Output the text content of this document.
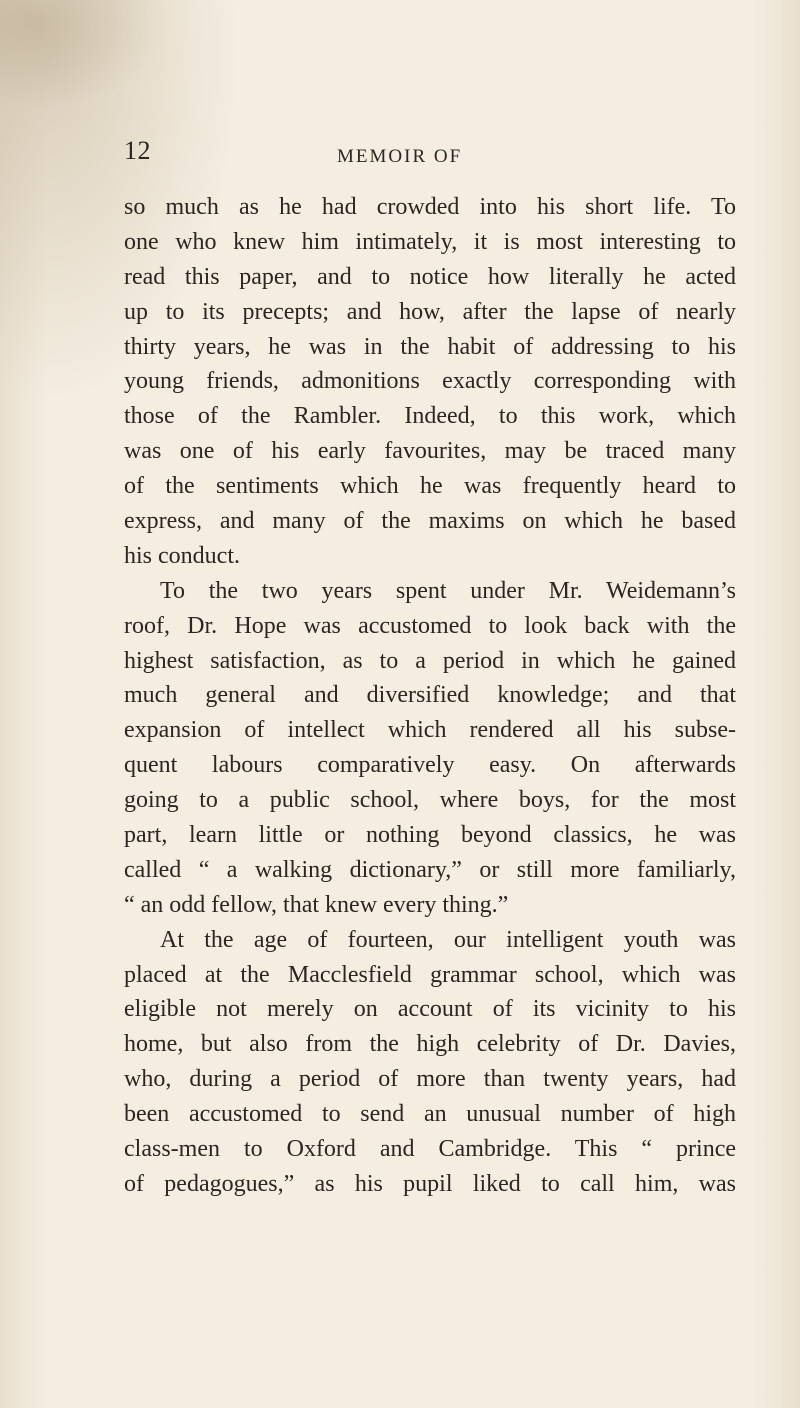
12	MEMOIR OF
so much as he had crowded into his short life. To
one who knew him intimately, it is most interesting to
read this paper, and to notice how literally he acted
up to its precepts; and how, after the lapse of nearly
thirty years, he was in the habit of addressing to his
young friends, admonitions exactly corresponding with
those of the Rambler. Indeed, to this work, which
was one of his early favourites, may be traced many
of the sentiments which he was frequently heard to
express, and many of the maxims on which he based
his conduct.
To the two years spent under Mr. Weidemann’s
roof, Dr. Hope was accustomed to look back with the
highest satisfaction, as to a period in which he gained
much general and diversified knowledge; and that
expansion of intellect which rendered all his subse-
quent labours comparatively easy. On afterwards
going to a public school, where boys, for the most
part, learn little or nothing beyond classics, he was
called “ a walking dictionary,” or still more familiarly,
“ an odd fellow, that knew every thing.”
At the age of fourteen, our intelligent youth was
placed at the Macclesfield grammar school, which was
eligible not merely on account of its vicinity to his
home, but also from the high celebrity of Dr. Davies,
who, during a period of more than twenty years, had
been accustomed to send an unusual number of high
class-men to Oxford and Cambridge. This “ prince
of pedagogues,” as his pupil liked to call him, was
